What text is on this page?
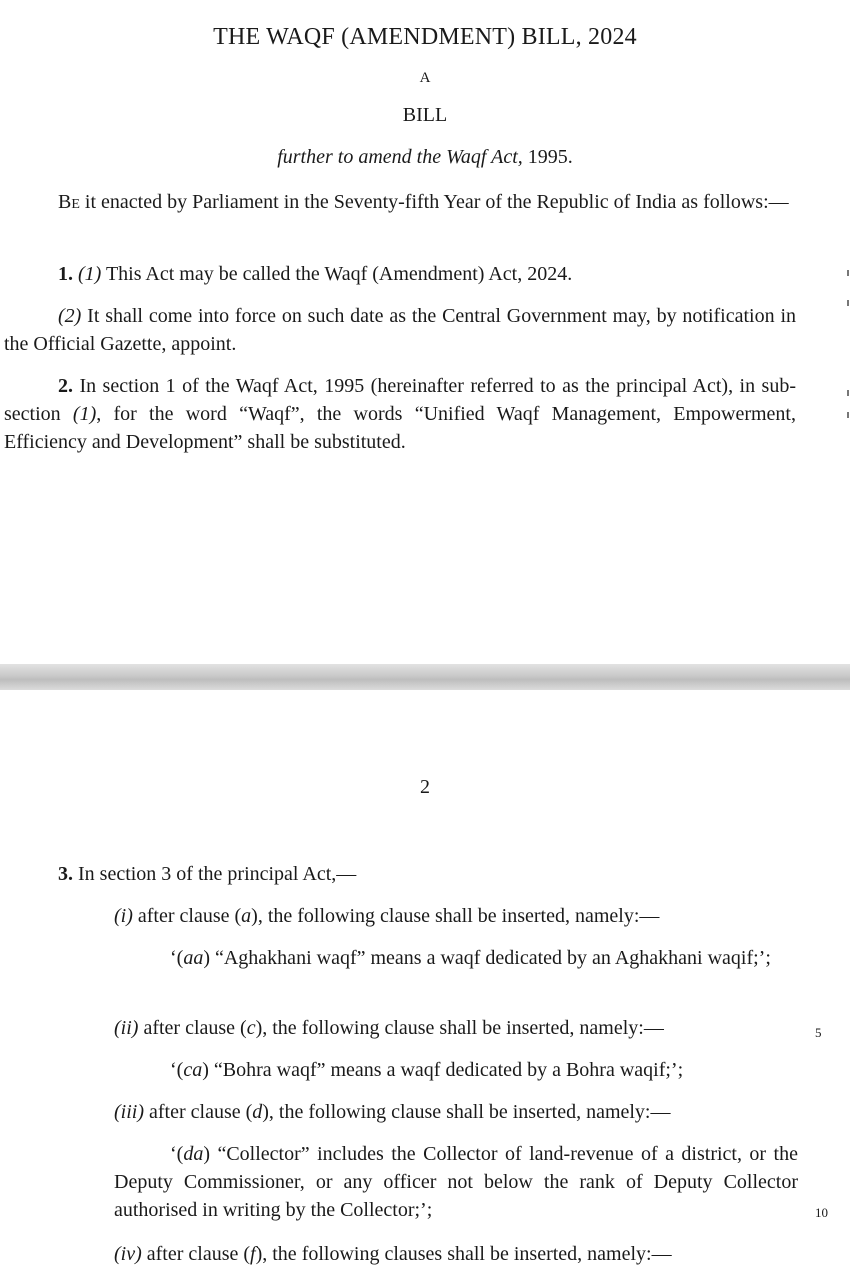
THE WAQF (AMENDMENT) BILL, 2024
A
BILL
further to amend the Waqf Act, 1995.
Be it enacted by Parliament in the Seventy-fifth Year of the Republic of India as follows:—
1. (1) This Act may be called the Waqf (Amendment) Act, 2024.
(2) It shall come into force on such date as the Central Government may, by notification in the Official Gazette, appoint.
2. In section 1 of the Waqf Act, 1995 (hereinafter referred to as the principal Act), in sub-section (1), for the word “Waqf”, the words “Unified Waqf Management, Empowerment, Efficiency and Development” shall be substituted.
2
3. In section 3 of the principal Act,—
(i) after clause (a), the following clause shall be inserted, namely:—
‘(aa) “Aghakhani waqf” means a waqf dedicated by an Aghakhani waqif;’;
(ii) after clause (c), the following clause shall be inserted, namely:—	5
‘(ca) “Bohra waqf” means a waqf dedicated by a Bohra waqif;’;
(iii) after clause (d), the following clause shall be inserted, namely:—
‘(da) “Collector” includes the Collector of land-revenue of a district, or the Deputy Commissioner, or any officer not below the rank of Deputy Collector authorised in writing by the Collector;’;	10
(iv) after clause (f), the following clauses shall be inserted, namely:—
